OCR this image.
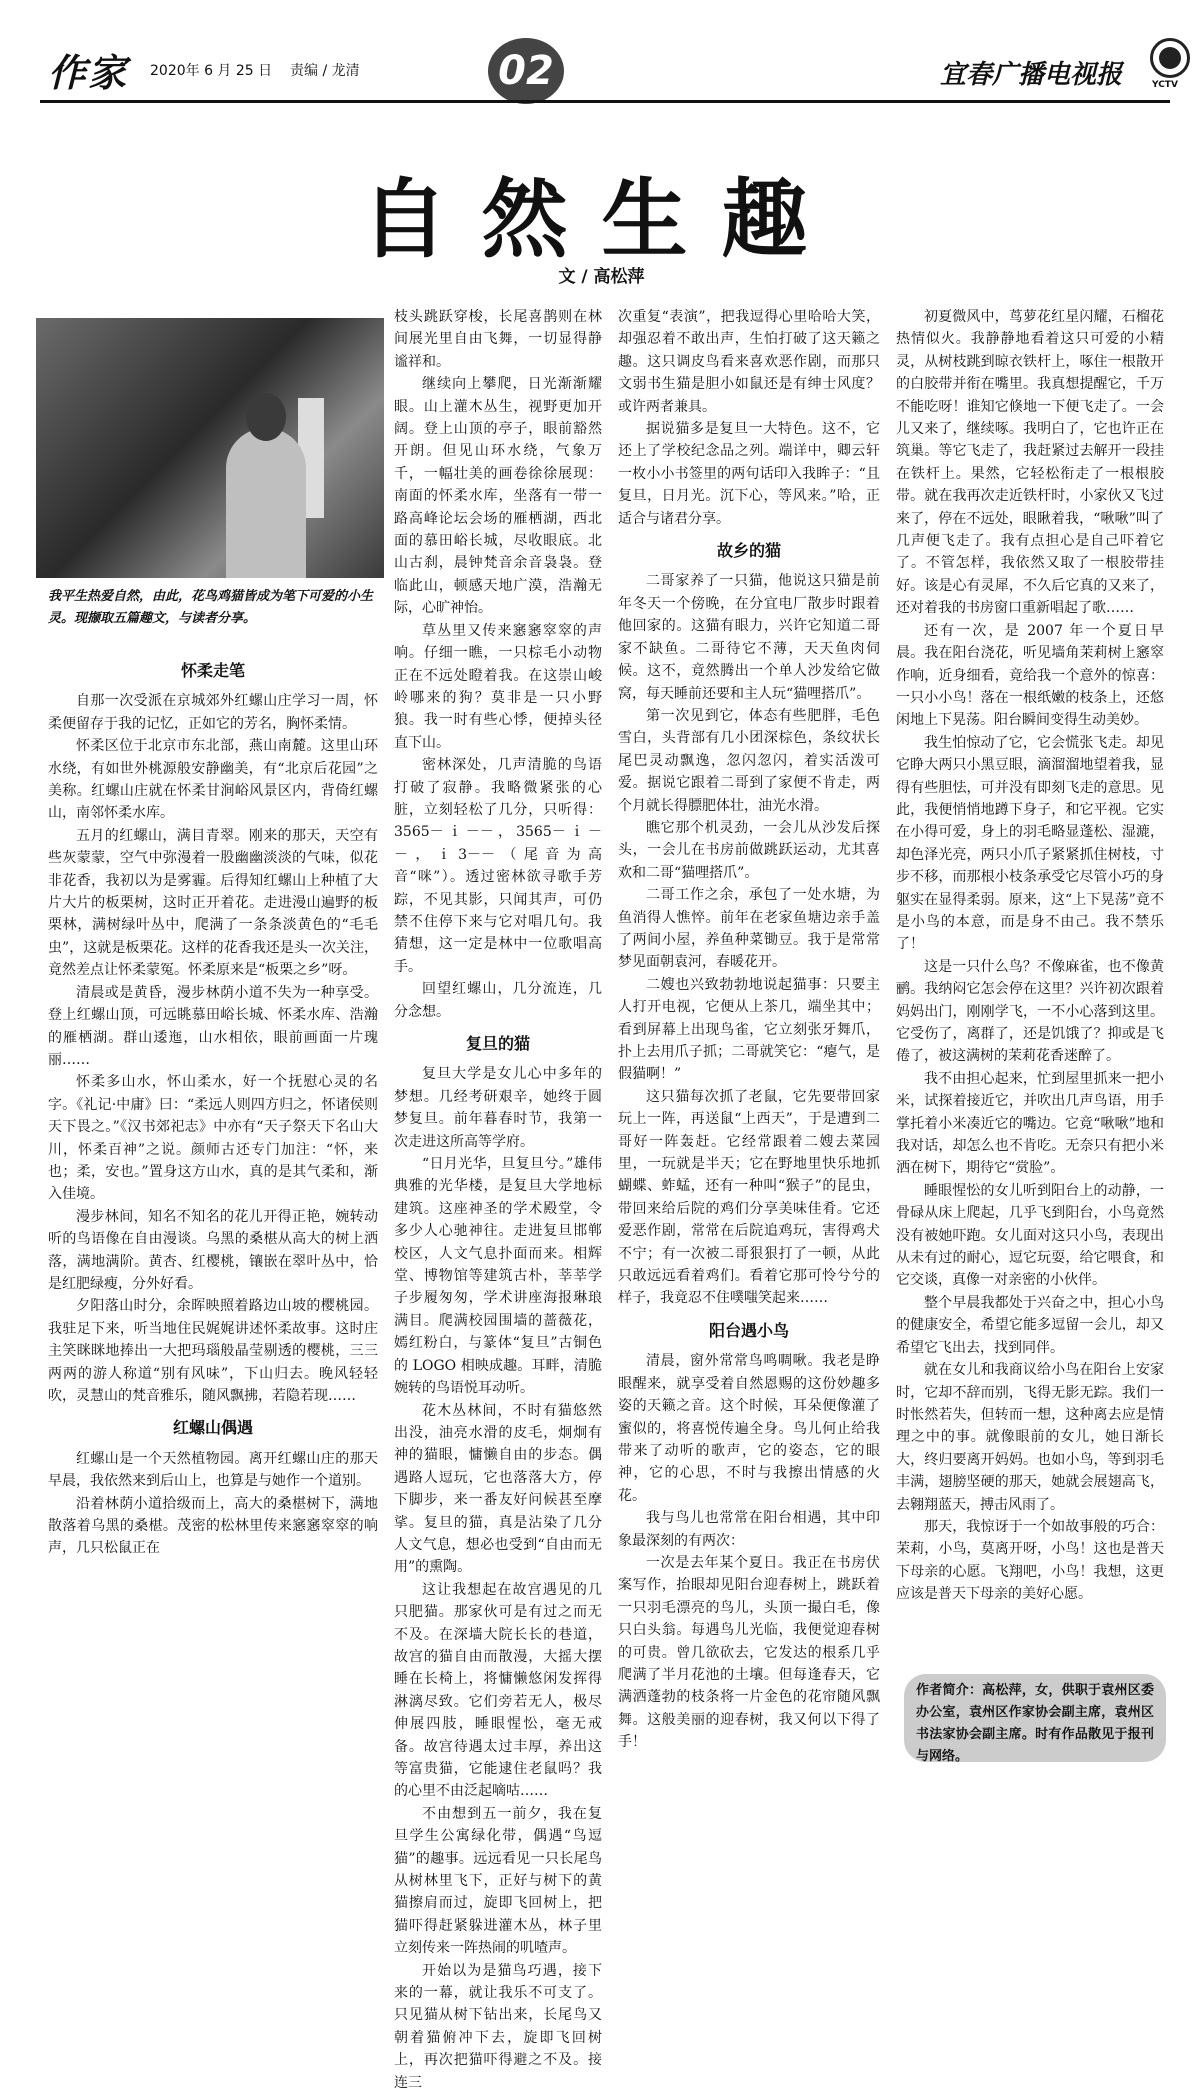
作家 2020年 6 月 25 日 责编 / 龙清	02	宜春广播电视报	YCTV
自然生趣
文 / 高松萍
我平生热爱自然，由此，花鸟鸡猫皆成为笔下可爱的小生灵。现撷取五篇趣文，与读者分享。
怀柔走笔

自那一次受派在京城郊外红螺山庄学习一周，怀柔便留存于我的记忆，正如它的芳名，胸怀柔情。

怀柔区位于北京市东北部，燕山南麓。这里山环水绕，有如世外桃源般安静幽美，有“北京后花园”之美称。红螺山庄就在怀柔甘涧峪风景区内，背倚红螺山，南邻怀柔水库。

五月的红螺山，满目青翠。刚来的那天，天空有些灰蒙蒙，空气中弥漫着一股幽幽淡淡的气味，似花非花香，我初以为是雾霾。后得知红螺山上种植了大片大片的板栗树，这时正开着花。走进漫山遍野的板栗林，满树绿叶丛中，爬满了一条条淡黄色的“毛毛虫”，这就是板栗花。这样的花香我还是头一次关注，竟然差点让怀柔蒙冤。怀柔原来是“板栗之乡”呀。

清晨或是黄昏，漫步林荫小道不失为一种享受。登上红螺山顶，可远眺慕田峪长城、怀柔水库、浩瀚的雁栖湖。群山逶迤，山水相依，眼前画面一片瑰丽……

怀柔多山水，怀山柔水，好一个抚慰心灵的名字。《礼记·中庸》曰：“柔远人则四方归之，怀诸侯则天下畏之。”《汉书郊祀志》中亦有“天子祭天下名山大川，怀柔百神”之说。颜师古还专门加注：“怀，来也；柔，安也。”置身这方山水，真的是其气柔和，渐入佳境。

漫步林间，知名不知名的花儿开得正艳，婉转动听的鸟语像在自由漫谈。乌黑的桑椹从高大的树上洒落，满地满阶。黄杏、红樱桃，镶嵌在翠叶丛中，恰是红肥绿瘦，分外好看。

夕阳落山时分，余晖映照着路边山坡的樱桃园。我驻足下来，听当地住民娓娓讲述怀柔故事。这时庄主笑眯眯地捧出一大把玛瑙般晶莹剔透的樱桃，三三两两的游人称道“别有风味”，下山归去。晚风轻轻吹，灵慧山的梵音雅乐，随风飘拂，若隐若现……

红螺山偶遇

红螺山是一个天然植物园。离开红螺山庄的那天早晨，我依然来到后山上，也算是与她作一个道别。

沿着林荫小道拾级而上，高大的桑椹树下，满地散落着乌黑的桑椹。茂密的松林里传来窸窸窣窣的响声，几只松鼠正在

枝头跳跃穿梭，长尾喜鹊则在林间展光里自由飞舞，一切显得静谧祥和。

继续向上攀爬，日光渐渐耀眼。山上灌木丛生，视野更加开阔。登上山顶的亭子，眼前豁然开朗。但见山环水绕，气象万千，一幅壮美的画卷徐徐展现：南面的怀柔水库，坐落有一带一路高峰论坛会场的雁栖湖，西北面的慕田峪长城，尽收眼底。北山古刹，晨钟梵音余音袅袅。登临此山，顿感天地广漠，浩瀚无际，心旷神怡。

草丛里又传来窸窸窣窣的声响。仔细一瞧，一只棕毛小动物正在不远处瞪着我。在这崇山峻岭哪来的狗？莫非是一只小野狼。我一时有些心悸，便掉头径直下山。

密林深处，几声清脆的鸟语打破了寂静。我略微紧张的心脏，立刻轻松了几分，只听得：3565－ｉ－－，3565－ｉ－－，ｉ3－－（尾音为高音“咪”）。透过密林欲寻歌手芳踪，不见其影，只闻其声，可仍禁不住停下来与它对唱几句。我猜想，这一定是林中一位歌唱高手。

回望红螺山，几分流连，几分念想。

复旦的猫

复旦大学是女儿心中多年的梦想。几经考研艰辛，她终于圆梦复旦。前年暮春时节，我第一次走进这所高等学府。

“日月光华，旦复旦兮。”雄伟典雅的光华楼，是复旦大学地标建筑。这座神圣的学术殿堂，令多少人心驰神往。走进复旦邯郸校区，人文气息扑面而来。相辉堂、博物馆等建筑古朴，莘莘学子步履匆匆，学术讲座海报琳琅满目。爬满校园围墙的蔷薇花，嫣红粉白，与篆体“复旦”古铜色的 LOGO 相映成趣。耳畔，清脆婉转的鸟语悦耳动听。

花木丛林间，不时有猫悠然出没，油亮水滑的皮毛，炯炯有神的猫眼，慵懒自由的步态。偶遇路人逗玩，它也落落大方，停下脚步，来一番友好问候甚至摩挲。复旦的猫，真是沾染了几分人文气息，想必也受到“自由而无用”的熏陶。

这让我想起在故宫遇见的几只肥猫。那家伙可是有过之而无不及。在深墙大院长长的巷道，故宫的猫自由而散漫，大摇大摆睡在长椅上，将慵懒悠闲发挥得淋漓尽致。它们旁若无人，极尽伸展四肢，睡眼惺忪，毫无戒备。故宫待遇太过丰厚，养出这等富贵猫，它能逮住老鼠吗？我的心里不由泛起嘀咕……

不由想到五一前夕，我在复旦学生公寓绿化带，偶遇“鸟逗猫”的趣事。远远看见一只长尾鸟从树林里飞下，正好与树下的黄猫擦肩而过，旋即飞回树上，把猫吓得赶紧躲进灌木丛，林子里立刻传来一阵热闹的叽喳声。

开始以为是猫鸟巧遇，接下来的一幕，就让我乐不可支了。只见猫从树下钻出来，长尾鸟又朝着猫俯冲下去，旋即飞回树上，再次把猫吓得避之不及。接连三

次重复“表演”，把我逗得心里哈哈大笑，却强忍着不敢出声，生怕打破了这天籁之趣。这只调皮鸟看来喜欢恶作剧，而那只文弱书生猫是胆小如鼠还是有绅士风度？或许两者兼具。

据说猫多是复旦一大特色。这不，它还上了学校纪念品之列。端详中，卿云轩一枚小小书签里的两句话印入我眸子：“且复旦，日月光。沉下心，等风来。”哈，正适合与诸君分享。

故乡的猫

二哥家养了一只猫，他说这只猫是前年冬天一个傍晚，在分宜电厂散步时跟着他回家的。这猫有眼力，兴许它知道二哥家不缺鱼。二哥待它不薄，天天鱼肉伺候。这不，竟然腾出一个单人沙发给它做窝，每天睡前还要和主人玩“猫哩搭爪”。

第一次见到它，体态有些肥胖，毛色雪白，头背部有几小团深棕色，条纹状长尾巴灵动飘逸，忽闪忽闪，着实活泼可爱。据说它跟着二哥到了家便不肯走，两个月就长得膘肥体壮，油光水滑。

瞧它那个机灵劲，一会儿从沙发后探头，一会儿在书房前做跳跃运动，尤其喜欢和二哥“猫哩搭爪”。

二哥工作之余，承包了一处水塘，为鱼消得人憔悴。前年在老家鱼塘边亲手盖了两间小屋，养鱼种菜锄豆。我于是常常梦见面朝袁河，春暖花开。

二嫂也兴致勃勃地说起猫事：只要主人打开电视，它便从上茶几，端坐其中；看到屏幕上出现鸟雀，它立刻张牙舞爪，扑上去用爪子抓；二哥就笑它：“瘪气，是假猫啊！”

这只猫每次抓了老鼠，它先要带回家玩上一阵，再送鼠“上西天”，于是遭到二哥好一阵轰赶。它经常跟着二嫂去菜园里，一玩就是半天；它在野地里快乐地抓蝴蝶、蚱蜢，还有一种叫“猴子”的昆虫，带回来给后院的鸡们分享美味佳肴。它还爱恶作剧，常常在后院追鸡玩，害得鸡犬不宁；有一次被二哥狠狠打了一顿，从此只敢远远看着鸡们。看着它那可怜兮兮的样子，我竟忍不住噗嗤笑起来……

阳台遇小鸟

清晨，窗外常常鸟鸣啁啾。我老是睁眼醒来，就享受着自然恩赐的这份妙趣多姿的天籁之音。这个时候，耳朵便像灌了蜜似的，将喜悦传遍全身。鸟儿何止给我带来了动听的歌声，它的姿态，它的眼神，它的心思，不时与我擦出情感的火花。

我与鸟儿也常常在阳台相遇，其中印象最深刻的有两次：

一次是去年某个夏日。我正在书房伏案写作，抬眼却见阳台迎春树上，跳跃着一只羽毛漂亮的鸟儿，头顶一撮白毛，像只白头翁。每遇鸟儿光临，我便觉迎春树的可贵。曾几欲砍去，它发达的根系几乎爬满了半月花池的土壤。但每逢春天，它满洒蓬勃的枝条将一片金色的花帘随风飘舞。这般美丽的迎春树，我又何以下得了手！

初夏微风中，茑萝花红星闪耀，石榴花热情似火。我静静地看着这只可爱的小精灵，从树枝跳到晾衣铁杆上，啄住一根散开的白胶带并衔在嘴里。我真想提醒它，千万不能吃呀！谁知它倏地一下便飞走了。一会儿又来了，继续啄。我明白了，它也许正在筑巢。等它飞走了，我赶紧过去解开一段挂在铁杆上。果然，它轻松衔走了一根根胶带。就在我再次走近铁杆时，小家伙又飞过来了，停在不远处，眼瞅着我，“啾啾”叫了几声便飞走了。我有点担心是自己吓着它了。不管怎样，我依然又取了一根胶带挂好。该是心有灵犀，不久后它真的又来了，还对着我的书房窗口重新唱起了歌……

还有一次，是 2007 年一个夏日早晨。我在阳台浇花，听见墙角茉莉树上窸窣作响，近身细看，竟给我一个意外的惊喜：一只小小鸟！落在一根纸嫩的枝条上，还悠闲地上下晃荡。阳台瞬间变得生动美妙。

我生怕惊动了它，它会慌张飞走。却见它睁大两只小黑豆眼，滴溜溜地望着我，显得有些胆怯，可并没有即刻飞走的意思。见此，我便悄悄地蹲下身子，和它平视。它实在小得可爱，身上的羽毛略显蓬松、湿漉，却色泽光亮，两只小爪子紧紧抓住树枝，寸步不移，而那根小枝条承受它尽管小巧的身躯实在显得柔弱。原来，这“上下晃荡”竟不是小鸟的本意，而是身不由己。我不禁乐了！

这是一只什么鸟？不像麻雀，也不像黄鹂。我纳闷它怎会停在这里？兴许初次跟着妈妈出门，刚刚学飞，一不小心落到这里。它受伤了，离群了，还是饥饿了？抑或是飞倦了，被这满树的茉莉花香迷醉了。

我不由担心起来，忙到屋里抓来一把小米，试探着接近它，并吹出几声鸟语，用手掌托着小米凑近它的嘴边。它竟“啾啾”地和我对话，却怎么也不肯吃。无奈只有把小米洒在树下，期待它“赏脸”。

睡眼惺忪的女儿听到阳台上的动静，一骨碌从床上爬起，几乎飞到阳台，小鸟竟然没有被她吓跑。女儿面对这只小鸟，表现出从未有过的耐心，逗它玩耍，给它喂食，和它交谈，真像一对亲密的小伙伴。

整个早晨我都处于兴奋之中，担心小鸟的健康安全，希望它能多逗留一会儿，却又希望它飞出去，找到同伴。

就在女儿和我商议给小鸟在阳台上安家时，它却不辞而别，飞得无影无踪。我们一时怅然若失，但转而一想，这种离去应是情理之中的事。就像眼前的女儿，她日渐长大，终归要离开妈妈。也如小鸟，等到羽毛丰满，翅膀坚硬的那天，她就会展翅高飞，去翱翔蓝天，搏击风雨了。

那天，我惊讶于一个如故事般的巧合：茉莉，小鸟，莫离开呀，小鸟！这也是普天下母亲的心愿。飞翔吧，小鸟！我想，这更应该是普天下母亲的美好心愿。

作者简介：高松萍，女，供职于袁州区委办公室，袁州区作家协会副主席，袁州区书法家协会副主席。时有作品散见于报刊与网络。
